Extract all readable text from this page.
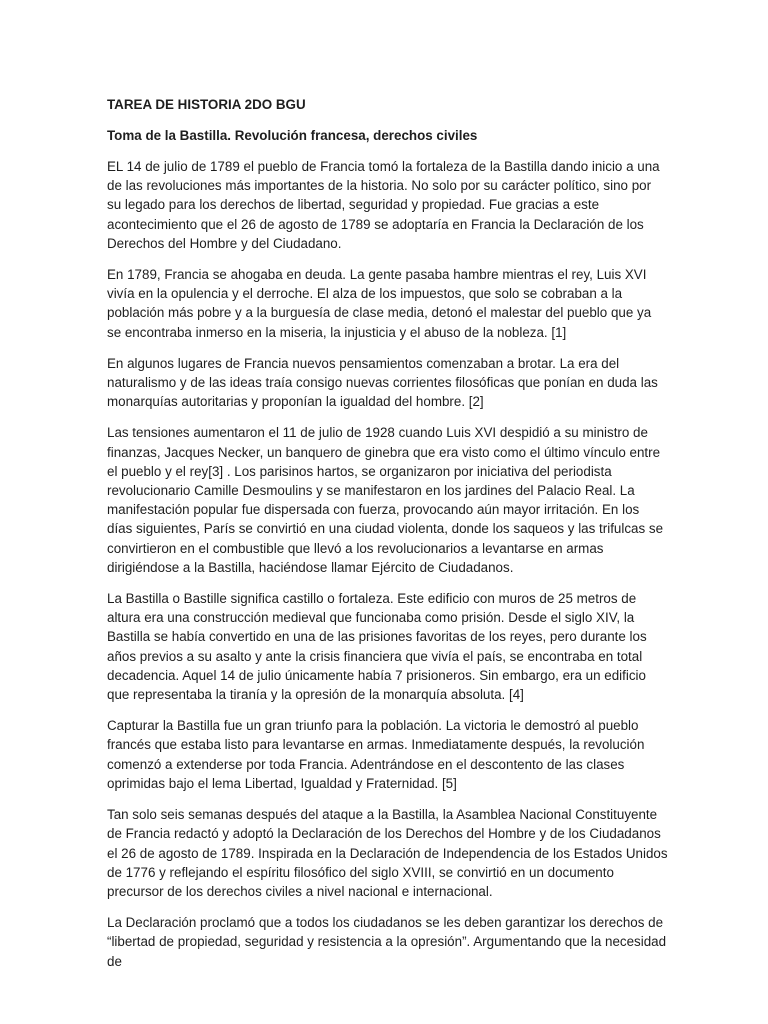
TAREA DE HISTORIA 2DO BGU
Toma de la Bastilla. Revolución francesa, derechos civiles

EL 14 de julio de 1789 el pueblo de Francia tomó la fortaleza de la Bastilla dando inicio a una de las revoluciones más importantes de la historia. No solo por su carácter político, sino por su legado para los derechos de libertad, seguridad y propiedad. Fue gracias a este acontecimiento que el 26 de agosto de 1789 se adoptaría en Francia la Declaración de los Derechos del Hombre y del Ciudadano.

En 1789, Francia se ahogaba en deuda. La gente pasaba hambre mientras el rey, Luis XVI vivía en la opulencia y el derroche. El alza de los impuestos, que solo se cobraban a la población más pobre y a la burguesía de clase media, detonó el malestar del pueblo que ya se encontraba inmerso en la miseria, la injusticia y el abuso de la nobleza. [1]

En algunos lugares de Francia nuevos pensamientos comenzaban a brotar. La era del naturalismo y de las ideas traía consigo nuevas corrientes filosóficas que ponían en duda las monarquías autoritarias y proponían la igualdad del hombre. [2]

Las tensiones aumentaron el 11 de julio de 1928 cuando Luis XVI despidió a su ministro de finanzas, Jacques Necker, un banquero de ginebra que era visto como el último vínculo entre el pueblo y el rey[3] . Los parisinos hartos, se organizaron por iniciativa del periodista revolucionario Camille Desmoulins y se manifestaron en los jardines del Palacio Real. La manifestación popular fue dispersada con fuerza, provocando aún mayor irritación. En los días siguientes, París se convirtió en una ciudad violenta, donde los saqueos y las trifulcas se convirtieron en el combustible que llevó a los revolucionarios a levantarse en armas dirigiéndose a la Bastilla, haciéndose llamar Ejército de Ciudadanos.

La Bastilla o Bastille significa castillo o fortaleza. Este edificio con muros de 25 metros de altura era una construcción medieval que funcionaba como prisión. Desde el siglo XIV, la Bastilla se había convertido en una de las prisiones favoritas de los reyes, pero durante los años previos a su asalto y ante la crisis financiera que vivía el país, se encontraba en total decadencia. Aquel 14 de julio únicamente había 7 prisioneros. Sin embargo, era un edificio que representaba la tiranía y la opresión de la monarquía absoluta. [4]

Capturar la Bastilla fue un gran triunfo para la población. La victoria le demostró al pueblo francés que estaba listo para levantarse en armas. Inmediatamente después, la revolución comenzó a extenderse por toda Francia. Adentrándose en el descontento de las clases oprimidas bajo el lema Libertad, Igualdad y Fraternidad. [5]

Tan solo seis semanas después del ataque a la Bastilla, la Asamblea Nacional Constituyente de Francia redactó y adoptó la Declaración de los Derechos del Hombre y de los Ciudadanos el 26 de agosto de 1789. Inspirada en la Declaración de Independencia de los Estados Unidos de 1776 y reflejando el espíritu filosófico del siglo XVIII, se convirtió en un documento precursor de los derechos civiles a nivel nacional e internacional.

La Declaración proclamó que a todos los ciudadanos se les deben garantizar los derechos de “libertad de propiedad, seguridad y resistencia a la opresión”. Argumentando que la necesidad de
